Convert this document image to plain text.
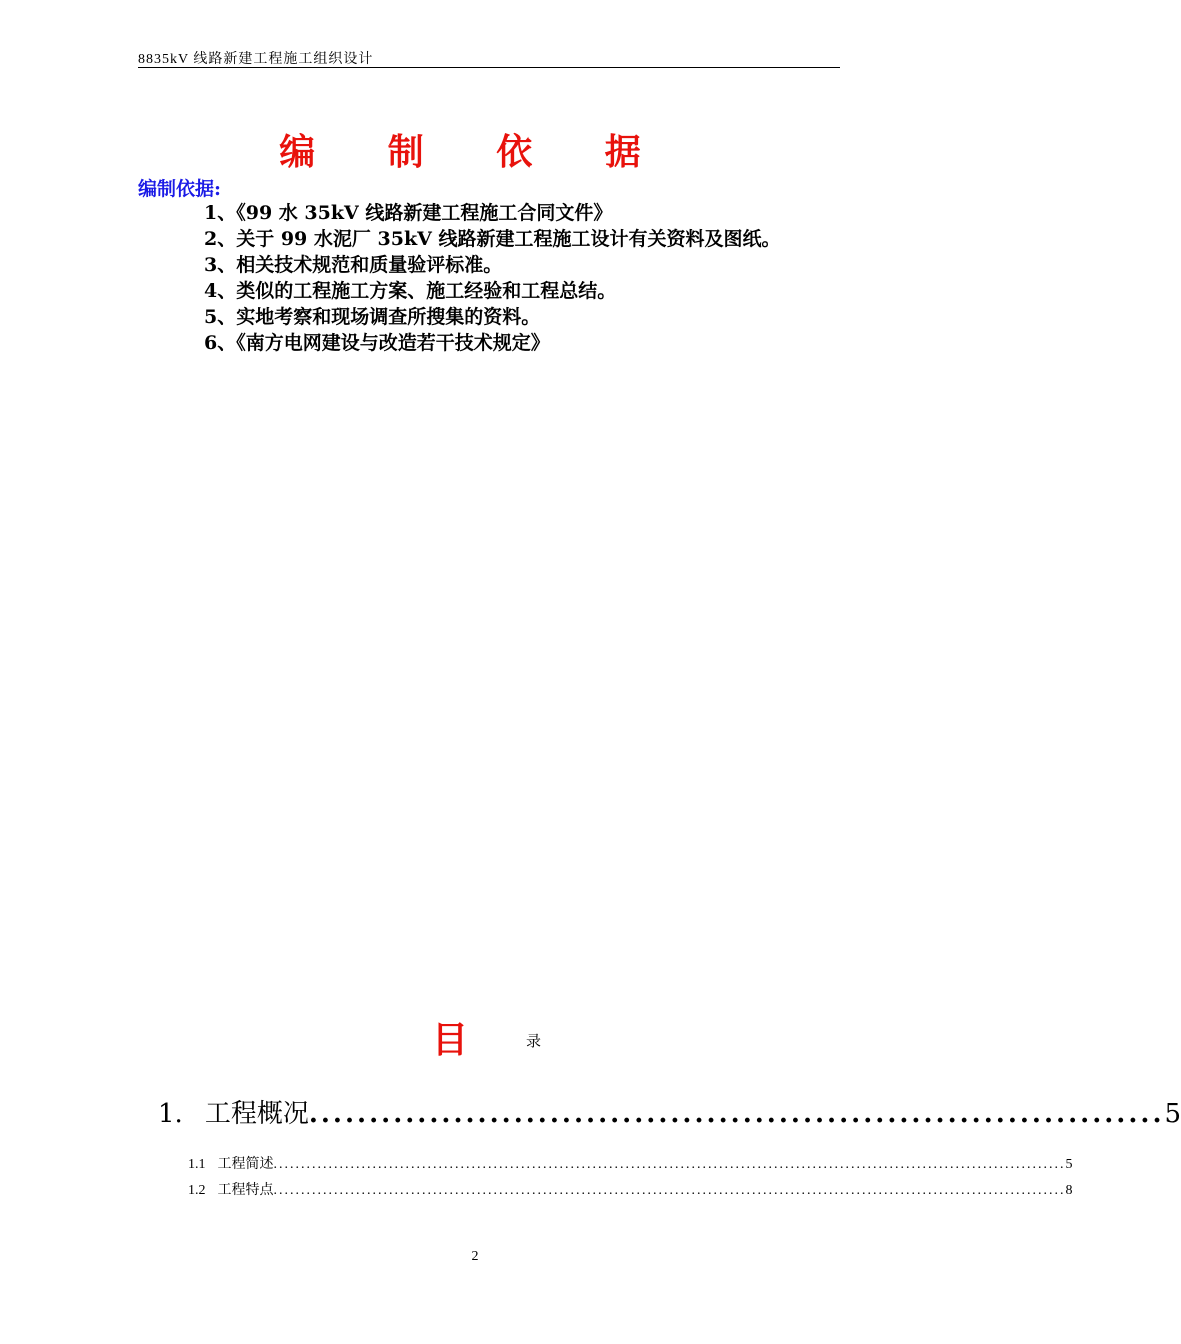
8835kV 线路新建工程施工组织设计
编 制 依 据
编制依据:
1、《99 水 35kV 线路新建工程施工合同文件》
2、关于 99 水泥厂 35kV 线路新建工程施工设计有关资料及图纸。
3、相关技术规范和质量验评标准。
4、类似的工程施工方案、施工经验和工程总结。
5、实地考察和现场调查所搜集的资料。
6、《南方电网建设与改造若干技术规定》
目	录
1. 工程概况 ....................................................................... 5
1.1 工程简述 ................................................................................................................................................ 5
1.2 工程特点 ................................................................................................................................................ 8
2
